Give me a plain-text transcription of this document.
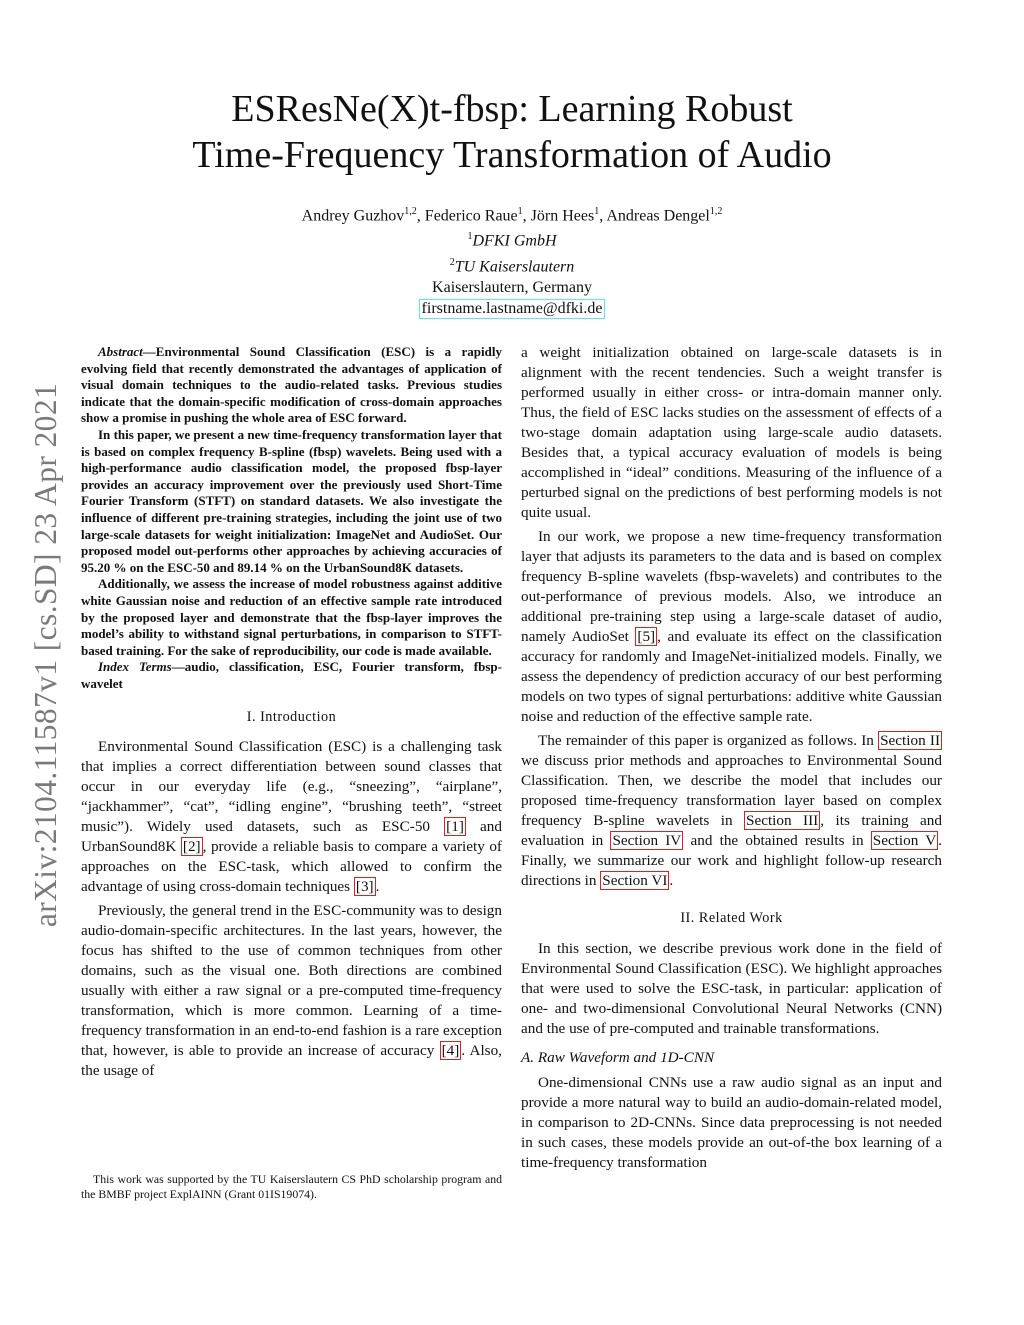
arXiv:2104.11587v1 [cs.SD] 23 Apr 2021
ESResNe(X)t-fbsp: Learning Robust
Time-Frequency Transformation of Audio
Andrey Guzhov$^{1,2}$, Federico Raue$^1$, Jörn Hees$^1$, Andreas Dengel$^{1,2}$
$^1$DFKI GmbH
$^2$TU Kaiserslautern
Kaiserslautern, Germany
firstname.lastname@dfki.de

Abstract—Environmental Sound Classification (ESC) is a rapidly evolving field that recently demonstrated the advantages of application of visual domain techniques to the audio-related tasks. Previous studies indicate that the domain-specific modification of cross-domain approaches show a promise in pushing the whole area of ESC forward.

In this paper, we present a new time-frequency transformation layer that is based on complex frequency B-spline (fbsp) wavelets. Being used with a high-performance audio classification model, the proposed fbsp-layer provides an accuracy improvement over the previously used Short-Time Fourier Transform (STFT) on standard datasets. We also investigate the influence of different pre-training strategies, including the joint use of two large-scale datasets for weight initialization: ImageNet and AudioSet. Our proposed model out-performs other approaches by achieving accuracies of 95.20 % on the ESC-50 and 89.14 % on the UrbanSound8K datasets.

Additionally, we assess the increase of model robustness against additive white Gaussian noise and reduction of an effective sample rate introduced by the proposed layer and demonstrate that the fbsp-layer improves the model’s ability to withstand signal perturbations, in comparison to STFT-based training. For the sake of reproducibility, our code is made available.

Index Terms—audio, classification, ESC, Fourier transform, fbsp-wavelet

I. Introduction

Environmental Sound Classification (ESC) is a challenging task that implies a correct differentiation between sound classes that occur in our everyday life (e.g., “sneezing”, “airplane”, “jackhammer”, “cat”, “idling engine”, “brushing teeth”, “street music”). Widely used datasets, such as ESC-50 [1] and UrbanSound8K [2] , provide a reliable basis to compare a variety of approaches on the ESC-task, which allowed to confirm the advantage of using cross-domain techniques [3] .

Previously, the general trend in the ESC-community was to design audio-domain-specific architectures. In the last years, however, the focus has shifted to the use of common techniques from other domains, such as the visual one. Both directions are combined usually with either a raw signal or a pre-computed time-frequency transformation, which is more common. Learning of a time-frequency transformation in an end-to-end fashion is a rare exception that, however, is able to provide an increase of accuracy [4] . Also, the usage of

This work was supported by the TU Kaiserslautern CS PhD scholarship program and the BMBF project ExplAINN (Grant 01IS19074).

a weight initialization obtained on large-scale datasets is in alignment with the recent tendencies. Such a weight transfer is performed usually in either cross- or intra-domain manner only. Thus, the field of ESC lacks studies on the assessment of effects of a two-stage domain adaptation using large-scale audio datasets. Besides that, a typical accuracy evaluation of models is being accomplished in “ideal” conditions. Measuring of the influence of a perturbed signal on the predictions of best performing models is not quite usual.

In our work, we propose a new time-frequency transformation layer that adjusts its parameters to the data and is based on complex frequency B-spline wavelets (fbsp-wavelets) and contributes to the out-performance of previous models. Also, we introduce an additional pre-training step using a large-scale dataset of audio, namely AudioSet [5] , and evaluate its effect on the classification accuracy for randomly and ImageNet-initialized models. Finally, we assess the dependency of prediction accuracy of our best performing models on two types of signal perturbations: additive white Gaussian noise and reduction of the effective sample rate.

The remainder of this paper is organized as follows. In Section II we discuss prior methods and approaches to Environmental Sound Classification. Then, we describe the model that includes our proposed time-frequency transformation layer based on complex frequency B-spline wavelets in Section III , its training and evaluation in Section IV and the obtained results in Section V . Finally, we summarize our work and highlight follow-up research directions in Section VI .

II. Related Work

In this section, we describe previous work done in the field of Environmental Sound Classification (ESC). We highlight approaches that were used to solve the ESC-task, in particular: application of one- and two-dimensional Convolutional Neural Networks (CNN) and the use of pre-computed and trainable transformations.

A. Raw Waveform and 1D-CNN

One-dimensional CNNs use a raw audio signal as an input and provide a more natural way to build an audio-domain-related model, in comparison to 2D-CNNs. Since data preprocessing is not needed in such cases, these models provide an out-of-the box learning of a time-frequency transformation
